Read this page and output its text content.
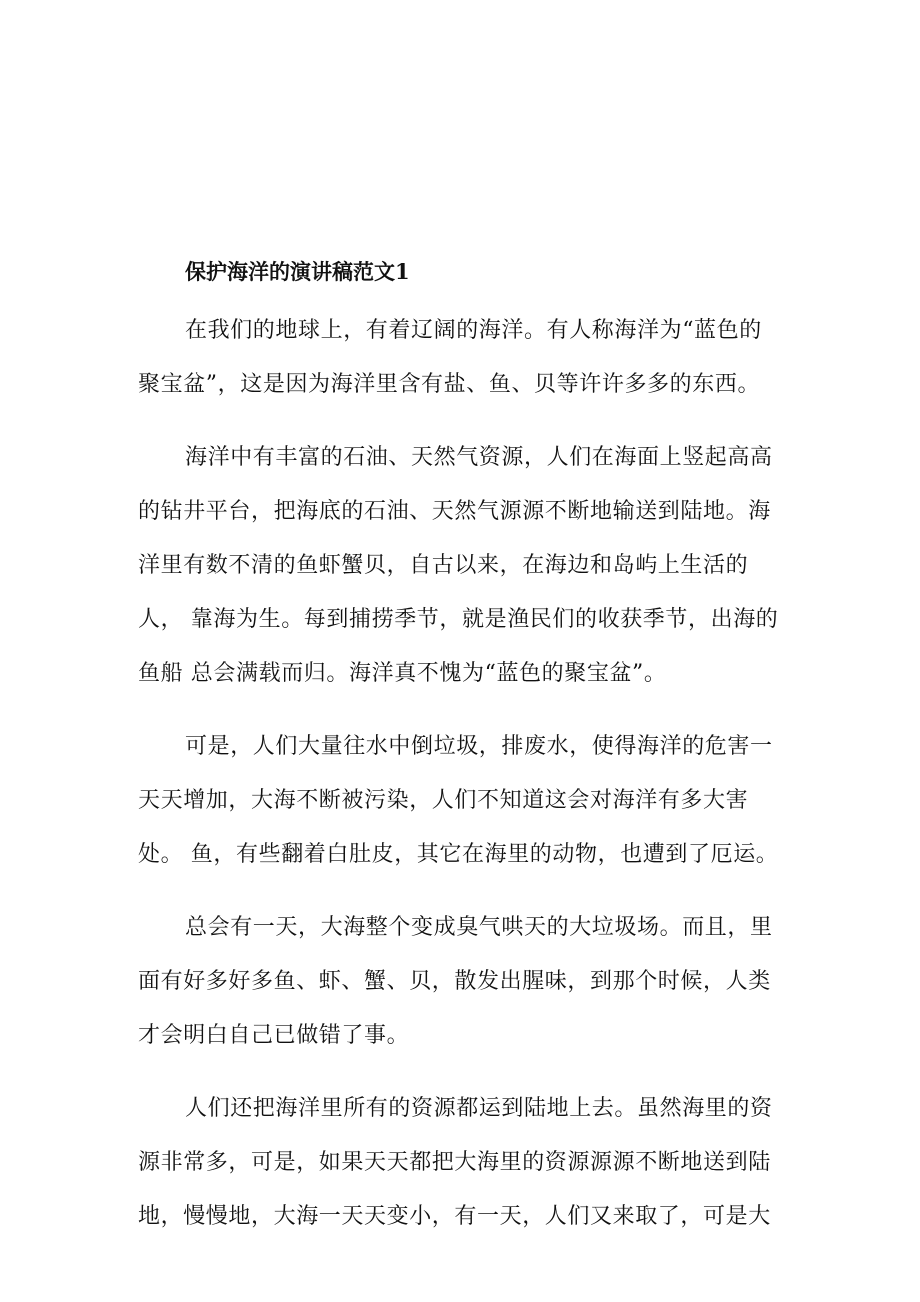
保护海洋的演讲稿范文1
在我们的地球上，有着辽阔的海洋。有人称海洋为“蓝色的
聚宝盆”，这是因为海洋里含有盐、鱼、贝等许许多多的东西。
海洋中有丰富的石油、天然气资源，人们在海面上竖起高高
的钻井平台，把海底的石油、天然气源源不断地输送到陆地。海
洋里有数不清的鱼虾蟹贝，自古以来，在海边和岛屿上生活的
人， 靠海为生。每到捕捞季节，就是渔民们的收获季节，出海的
鱼船 总会满载而归。海洋真不愧为“蓝色的聚宝盆”。
可是，人们大量往水中倒垃圾，排废水，使得海洋的危害一
天天增加，大海不断被污染，人们不知道这会对海洋有多大害
处。 鱼，有些翻着白肚皮，其它在海里的动物，也遭到了厄运。
总会有一天，大海整个变成臭气哄天的大垃圾场。而且，里
面有好多好多鱼、虾、蟹、贝，散发出腥味，到那个时候，人类
才会明白自己已做错了事。
人们还把海洋里所有的资源都运到陆地上去。虽然海里的资
源非常多，可是，如果天天都把大海里的资源源源不断地送到陆
地，慢慢地，大海一天天变小，有一天，人们又来取了，可是大
